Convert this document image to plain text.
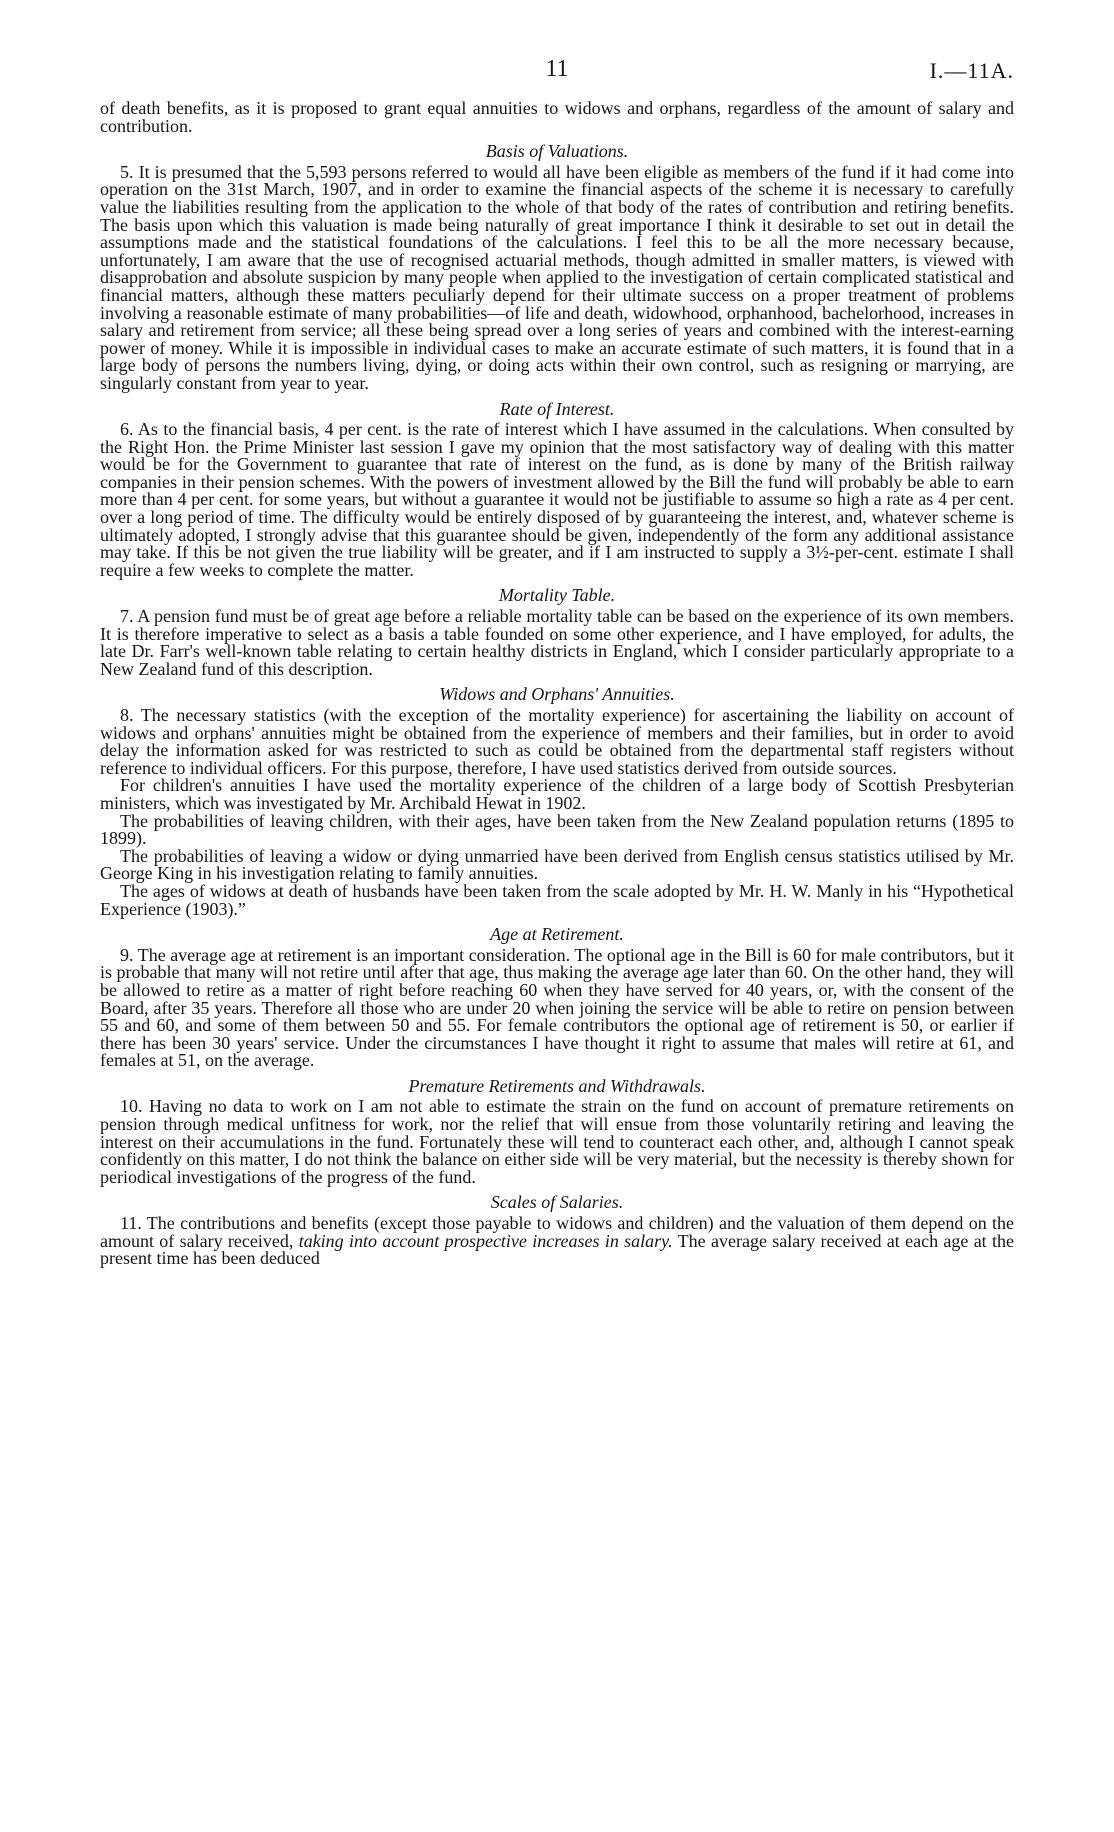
11	I.—11A.

of death benefits, as it is proposed to grant equal annuities to widows and orphans, regardless of the amount of salary and contribution.

Basis of Valuations.

5. It is presumed that the 5,593 persons referred to would all have been eligible as members of the fund if it had come into operation on the 31st March, 1907, and in order to examine the financial aspects of the scheme it is necessary to carefully value the liabilities resulting from the application to the whole of that body of the rates of contribution and retiring benefits. The basis upon which this valuation is made being naturally of great importance I think it desirable to set out in detail the assumptions made and the statistical foundations of the calculations. I feel this to be all the more necessary because, unfortunately, I am aware that the use of recognised actuarial methods, though admitted in smaller matters, is viewed with disapprobation and absolute suspicion by many people when applied to the investigation of certain complicated statistical and financial matters, although these matters peculiarly depend for their ultimate success on a proper treatment of problems involving a reasonable estimate of many probabilities—of life and death, widowhood, orphanhood, bachelorhood, increases in salary and retirement from service; all these being spread over a long series of years and combined with the interest-earning power of money. While it is impossible in individual cases to make an accurate estimate of such matters, it is found that in a large body of persons the numbers living, dying, or doing acts within their own control, such as resigning or marrying, are singularly constant from year to year.

Rate of Interest.

6. As to the financial basis, 4 per cent. is the rate of interest which I have assumed in the calculations. When consulted by the Right Hon. the Prime Minister last session I gave my opinion that the most satisfactory way of dealing with this matter would be for the Government to guarantee that rate of interest on the fund, as is done by many of the British railway companies in their pension schemes. With the powers of investment allowed by the Bill the fund will probably be able to earn more than 4 per cent. for some years, but without a guarantee it would not be justifiable to assume so high a rate as 4 per cent. over a long period of time. The difficulty would be entirely disposed of by guaranteeing the interest, and, whatever scheme is ultimately adopted, I strongly advise that this guarantee should be given, independently of the form any additional assistance may take. If this be not given the true liability will be greater, and if I am instructed to supply a 3½-per-cent. estimate I shall require a few weeks to complete the matter.

Mortality Table.

7. A pension fund must be of great age before a reliable mortality table can be based on the experience of its own members. It is therefore imperative to select as a basis a table founded on some other experience, and I have employed, for adults, the late Dr. Farr's well-known table relating to certain healthy districts in England, which I consider particularly appropriate to a New Zealand fund of this description.

Widows and Orphans' Annuities.

8. The necessary statistics (with the exception of the mortality experience) for ascertaining the liability on account of widows and orphans' annuities might be obtained from the experience of members and their families, but in order to avoid delay the information asked for was restricted to such as could be obtained from the departmental staff registers without reference to individual officers. For this purpose, therefore, I have used statistics derived from outside sources.

For children's annuities I have used the mortality experience of the children of a large body of Scottish Presbyterian ministers, which was investigated by Mr. Archibald Hewat in 1902.

The probabilities of leaving children, with their ages, have been taken from the New Zealand population returns (1895 to 1899).

The probabilities of leaving a widow or dying unmarried have been derived from English census statistics utilised by Mr. George King in his investigation relating to family annuities.

The ages of widows at death of husbands have been taken from the scale adopted by Mr. H. W. Manly in his “Hypothetical Experience (1903).”

Age at Retirement.

9. The average age at retirement is an important consideration. The optional age in the Bill is 60 for male contributors, but it is probable that many will not retire until after that age, thus making the average age later than 60. On the other hand, they will be allowed to retire as a matter of right before reaching 60 when they have served for 40 years, or, with the consent of the Board, after 35 years. Therefore all those who are under 20 when joining the service will be able to retire on pension between 55 and 60, and some of them between 50 and 55. For female contributors the optional age of retirement is 50, or earlier if there has been 30 years' service. Under the circumstances I have thought it right to assume that males will retire at 61, and females at 51, on the average.

Premature Retirements and Withdrawals.

10. Having no data to work on I am not able to estimate the strain on the fund on account of premature retirements on pension through medical unfitness for work, nor the relief that will ensue from those voluntarily retiring and leaving the interest on their accumulations in the fund. Fortunately these will tend to counteract each other, and, although I cannot speak confidently on this matter, I do not think the balance on either side will be very material, but the necessity is thereby shown for periodical investigations of the progress of the fund.

Scales of Salaries.

11. The contributions and benefits (except those payable to widows and children) and the valuation of them depend on the amount of salary received, taking into account prospective increases in salary. The average salary received at each age at the present time has been deduced
